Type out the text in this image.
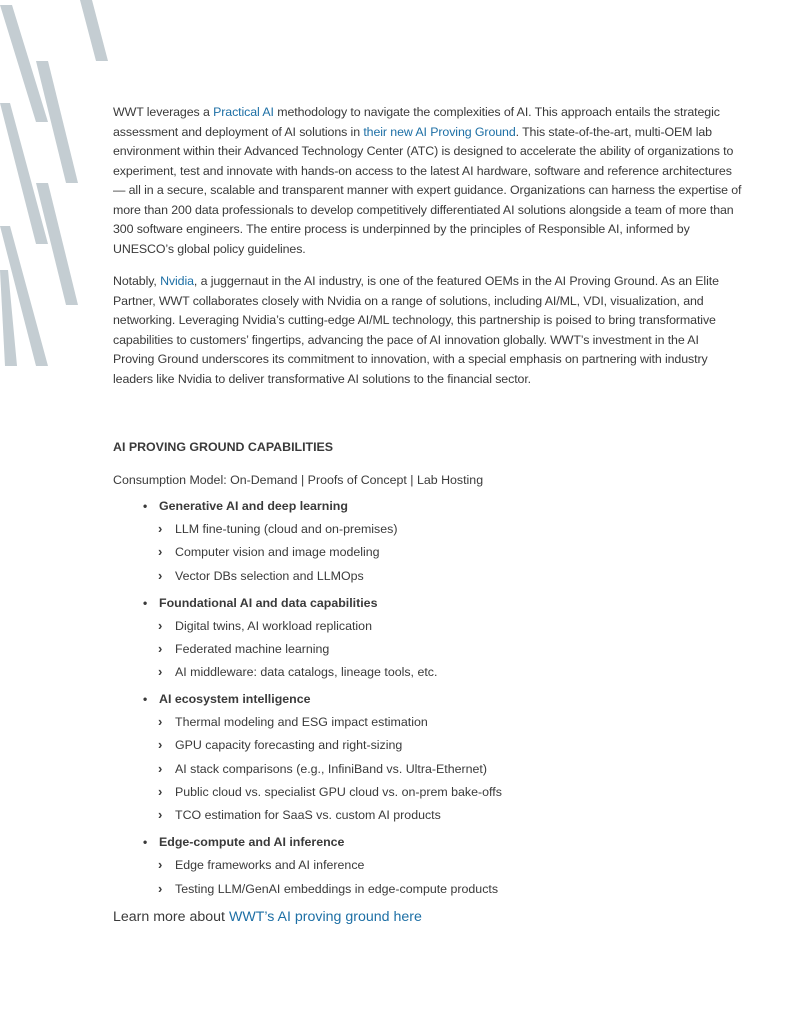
WWT leverages a Practical AI methodology to navigate the complexities of AI. This approach entails the strategic assessment and deployment of AI solutions in their new AI Proving Ground. This state-of-the-art, multi-OEM lab environment within their Advanced Technology Center (ATC) is designed to accelerate the ability of organizations to experiment, test and innovate with hands-on access to the latest AI hardware, software and reference architectures — all in a secure, scalable and transparent manner with expert guidance. Organizations can harness the expertise of more than 200 data professionals to develop competitively differentiated AI solutions alongside a team of more than 300 software engineers. The entire process is underpinned by the principles of Responsible AI, informed by UNESCO’s global policy guidelines.

Notably, Nvidia, a juggernaut in the AI industry, is one of the featured OEMs in the AI Proving Ground. As an Elite Partner, WWT collaborates closely with Nvidia on a range of solutions, including AI/ML, VDI, visualization, and networking. Leveraging Nvidia’s cutting-edge AI/ML technology, this partnership is poised to bring transformative capabilities to customers’ fingertips, advancing the pace of AI innovation globally. WWT’s investment in the AI Proving Ground underscores its commitment to innovation, with a special emphasis on partnering with industry leaders like Nvidia to deliver transformative AI solutions to the financial sector.

AI PROVING GROUND CAPABILITIES
Consumption Model: On-Demand | Proofs of Concept | Lab Hosting
• Generative AI and deep learning
› LLM fine-tuning (cloud and on-premises)
› Computer vision and image modeling
› Vector DBs selection and LLMOps
• Foundational AI and data capabilities
› Digital twins, AI workload replication
› Federated machine learning
› AI middleware: data catalogs, lineage tools, etc.
• AI ecosystem intelligence
› Thermal modeling and ESG impact estimation
› GPU capacity forecasting and right-sizing
› AI stack comparisons (e.g., InfiniBand vs. Ultra-Ethernet)
› Public cloud vs. specialist GPU cloud vs. on-prem bake-offs
› TCO estimation for SaaS vs. custom AI products
• Edge-compute and AI inference
› Edge frameworks and AI inference
› Testing LLM/GenAI embeddings in edge-compute products
Learn more about WWT’s AI proving ground here
